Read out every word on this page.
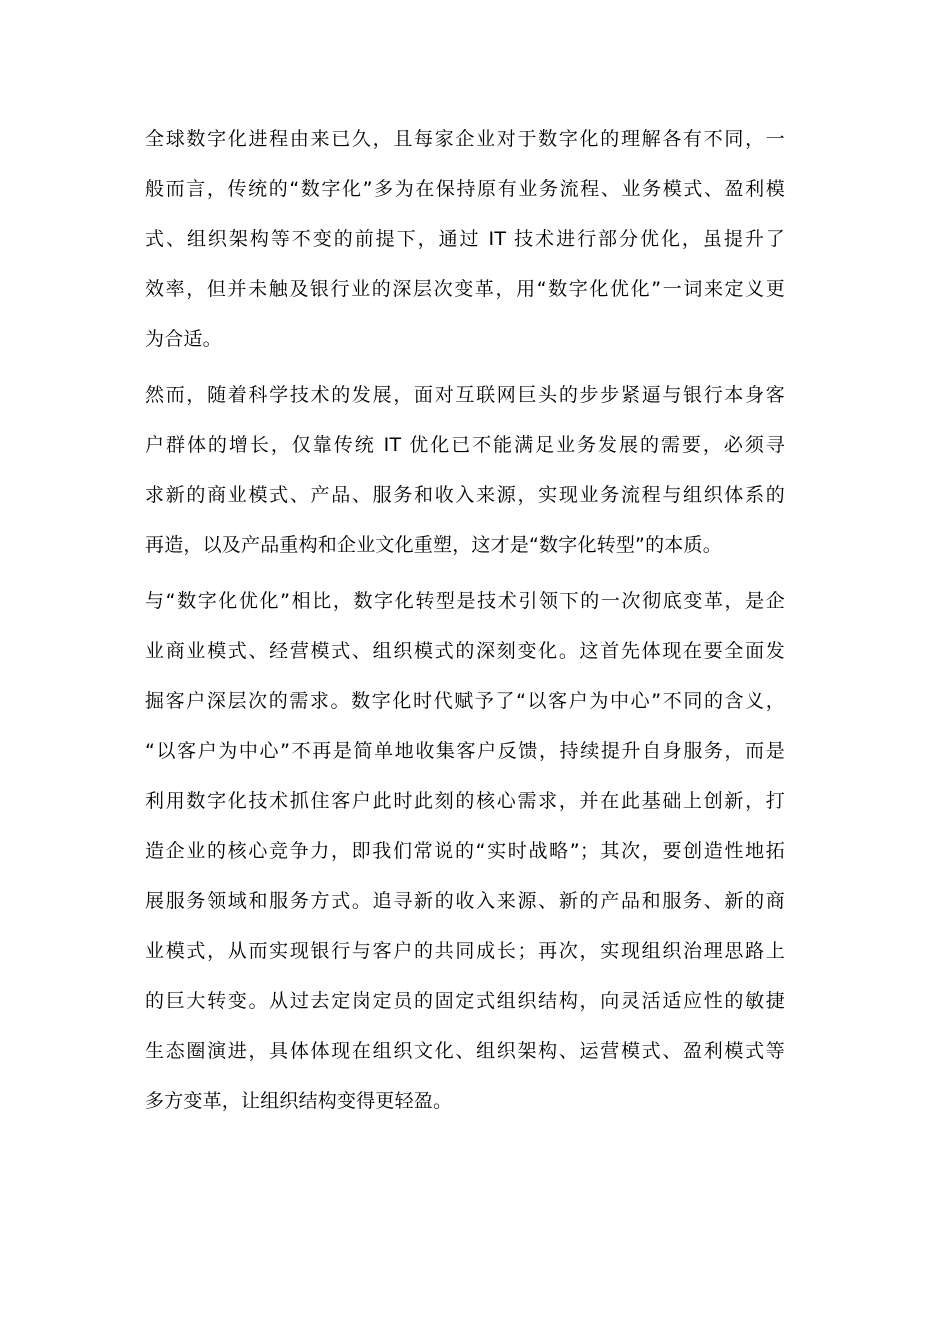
全球数字化进程由来已久，且每家企业对于数字化的理解各有不同，一
般而言，传统的“数字化”多为在保持原有业务流程、业务模式、盈利模
式、组织架构等不变的前提下，通过 IT 技术进行部分优化，虽提升了
效率，但并未触及银行业的深层次变革，用“数字化优化”一词来定义更
为合适。
然而，随着科学技术的发展，面对互联网巨头的步步紧逼与银行本身客
户群体的增长，仅靠传统 IT 优化已不能满足业务发展的需要，必须寻
求新的商业模式、产品、服务和收入来源，实现业务流程与组织体系的
再造，以及产品重构和企业文化重塑，这才是“数字化转型”的本质。
与“数字化优化”相比，数字化转型是技术引领下的一次彻底变革，是企
业商业模式、经营模式、组织模式的深刻变化。这首先体现在要全面发
掘客户深层次的需求。数字化时代赋予了“以客户为中心”不同的含义，
“以客户为中心”不再是简单地收集客户反馈，持续提升自身服务，而是
利用数字化技术抓住客户此时此刻的核心需求，并在此基础上创新，打
造企业的核心竞争力，即我们常说的“实时战略”；其次，要创造性地拓
展服务领域和服务方式。追寻新的收入来源、新的产品和服务、新的商
业模式，从而实现银行与客户的共同成长；再次，实现组织治理思路上
的巨大转变。从过去定岗定员的固定式组织结构，向灵活适应性的敏捷
生态圈演进，具体体现在组织文化、组织架构、运营模式、盈利模式等
多方变革，让组织结构变得更轻盈。
